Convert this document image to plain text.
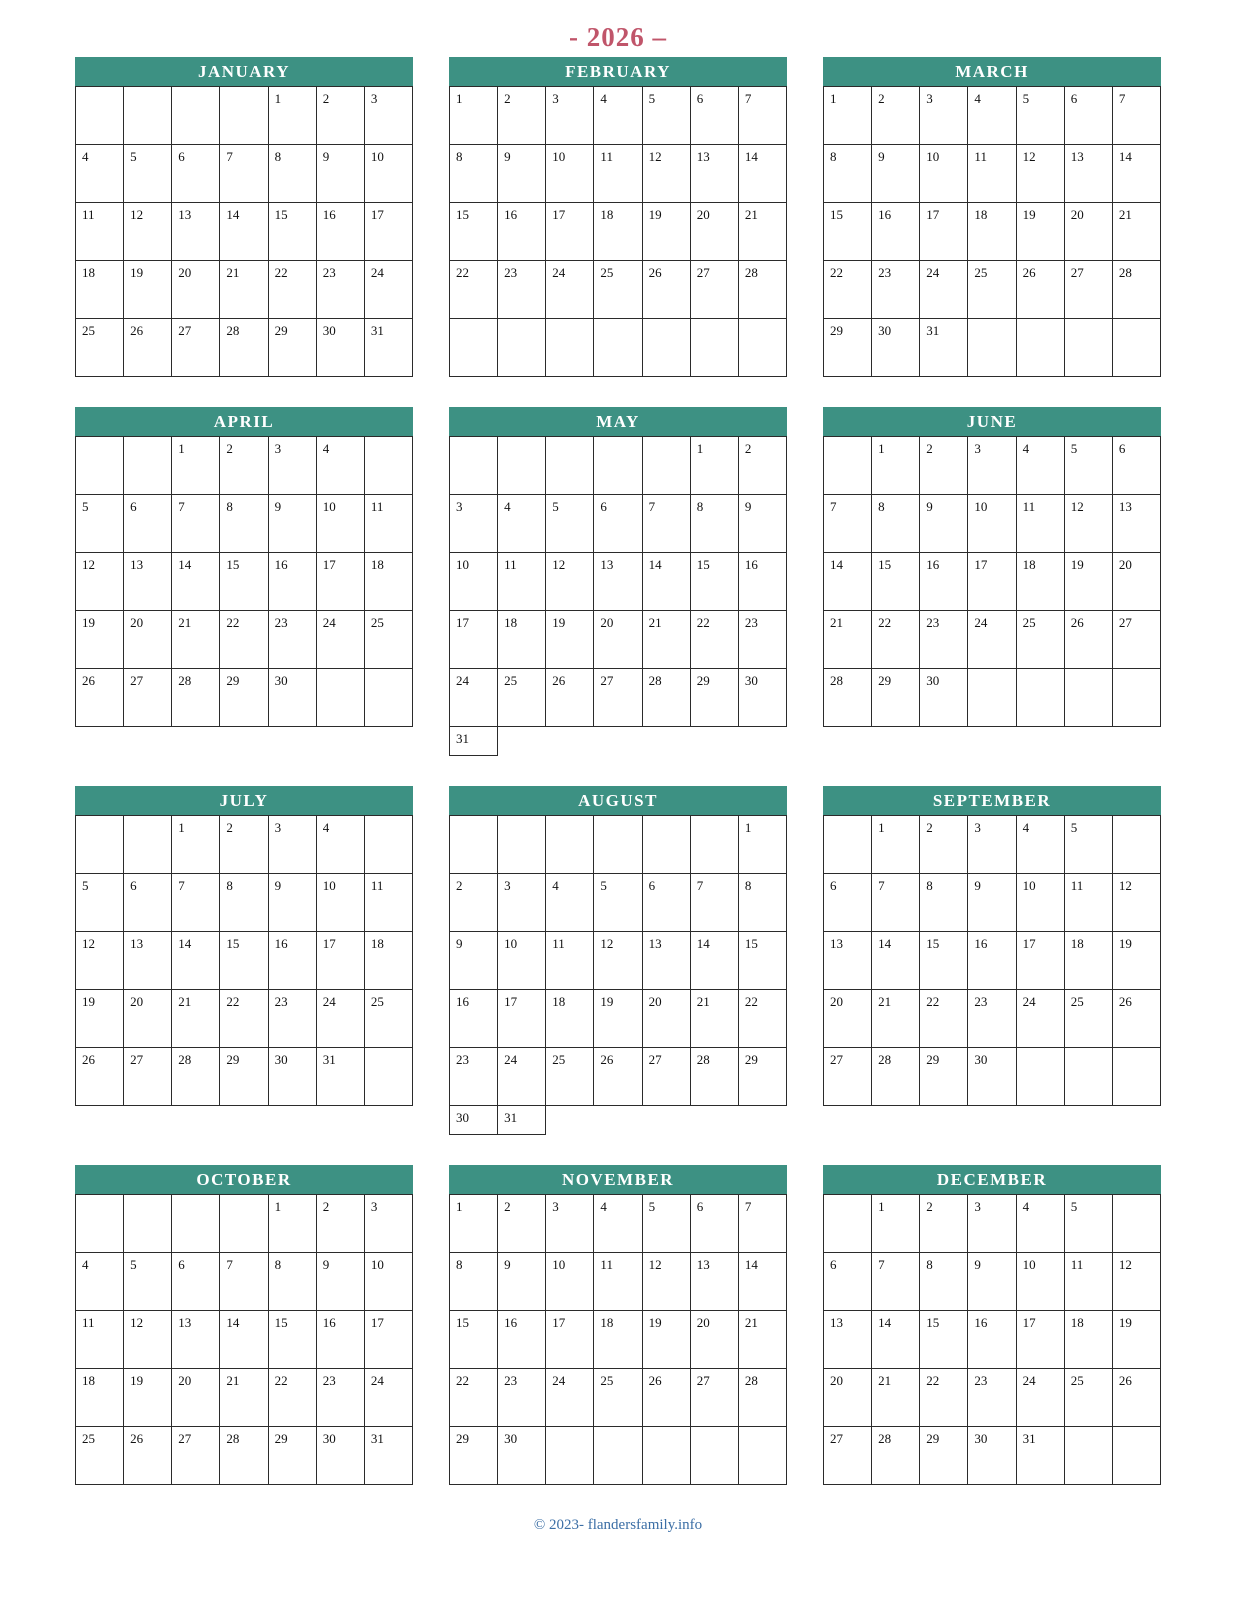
- 2026 –
JANUARY
				1	2	3
4	5	6	7	8	9	10
11	12	13	14	15	16	17
18	19	20	21	22	23	24
25	26	27	28	29	30	31
FEBRUARY
1	2	3	4	5	6	7
8	9	10	11	12	13	14
15	16	17	18	19	20	21
22	23	24	25	26	27	28

MARCH
1	2	3	4	5	6	7
8	9	10	11	12	13	14
15	16	17	18	19	20	21
22	23	24	25	26	27	28
29	30	31				
APRIL
		1	2	3	4	
5	6	7	8	9	10	11
12	13	14	15	16	17	18
19	20	21	22	23	24	25
26	27	28	29	30		
MAY
					1	2
3	4	5	6	7	8	9
10	11	12	13	14	15	16
17	18	19	20	21	22	23
24	25	26	27	28	29	30
31						
JUNE
	1	2	3	4	5	6
7	8	9	10	11	12	13
14	15	16	17	18	19	20
21	22	23	24	25	26	27
28	29	30				
JULY
		1	2	3	4	
5	6	7	8	9	10	11
12	13	14	15	16	17	18
19	20	21	22	23	24	25
26	27	28	29	30	31	
AUGUST
						1
2	3	4	5	6	7	8
9	10	11	12	13	14	15
16	17	18	19	20	21	22
23	24	25	26	27	28	29
30	31					
SEPTEMBER
	1	2	3	4	5	
6	7	8	9	10	11	12
13	14	15	16	17	18	19
20	21	22	23	24	25	26
27	28	29	30			
OCTOBER
				1	2	3
4	5	6	7	8	9	10
11	12	13	14	15	16	17
18	19	20	21	22	23	24
25	26	27	28	29	30	31
NOVEMBER
1	2	3	4	5	6	7
8	9	10	11	12	13	14
15	16	17	18	19	20	21
22	23	24	25	26	27	28
29	30					
DECEMBER
	1	2	3	4	5	
6	7	8	9	10	11	12
13	14	15	16	17	18	19
20	21	22	23	24	25	26
27	28	29	30	31		
© 2023- flandersfamily.info
